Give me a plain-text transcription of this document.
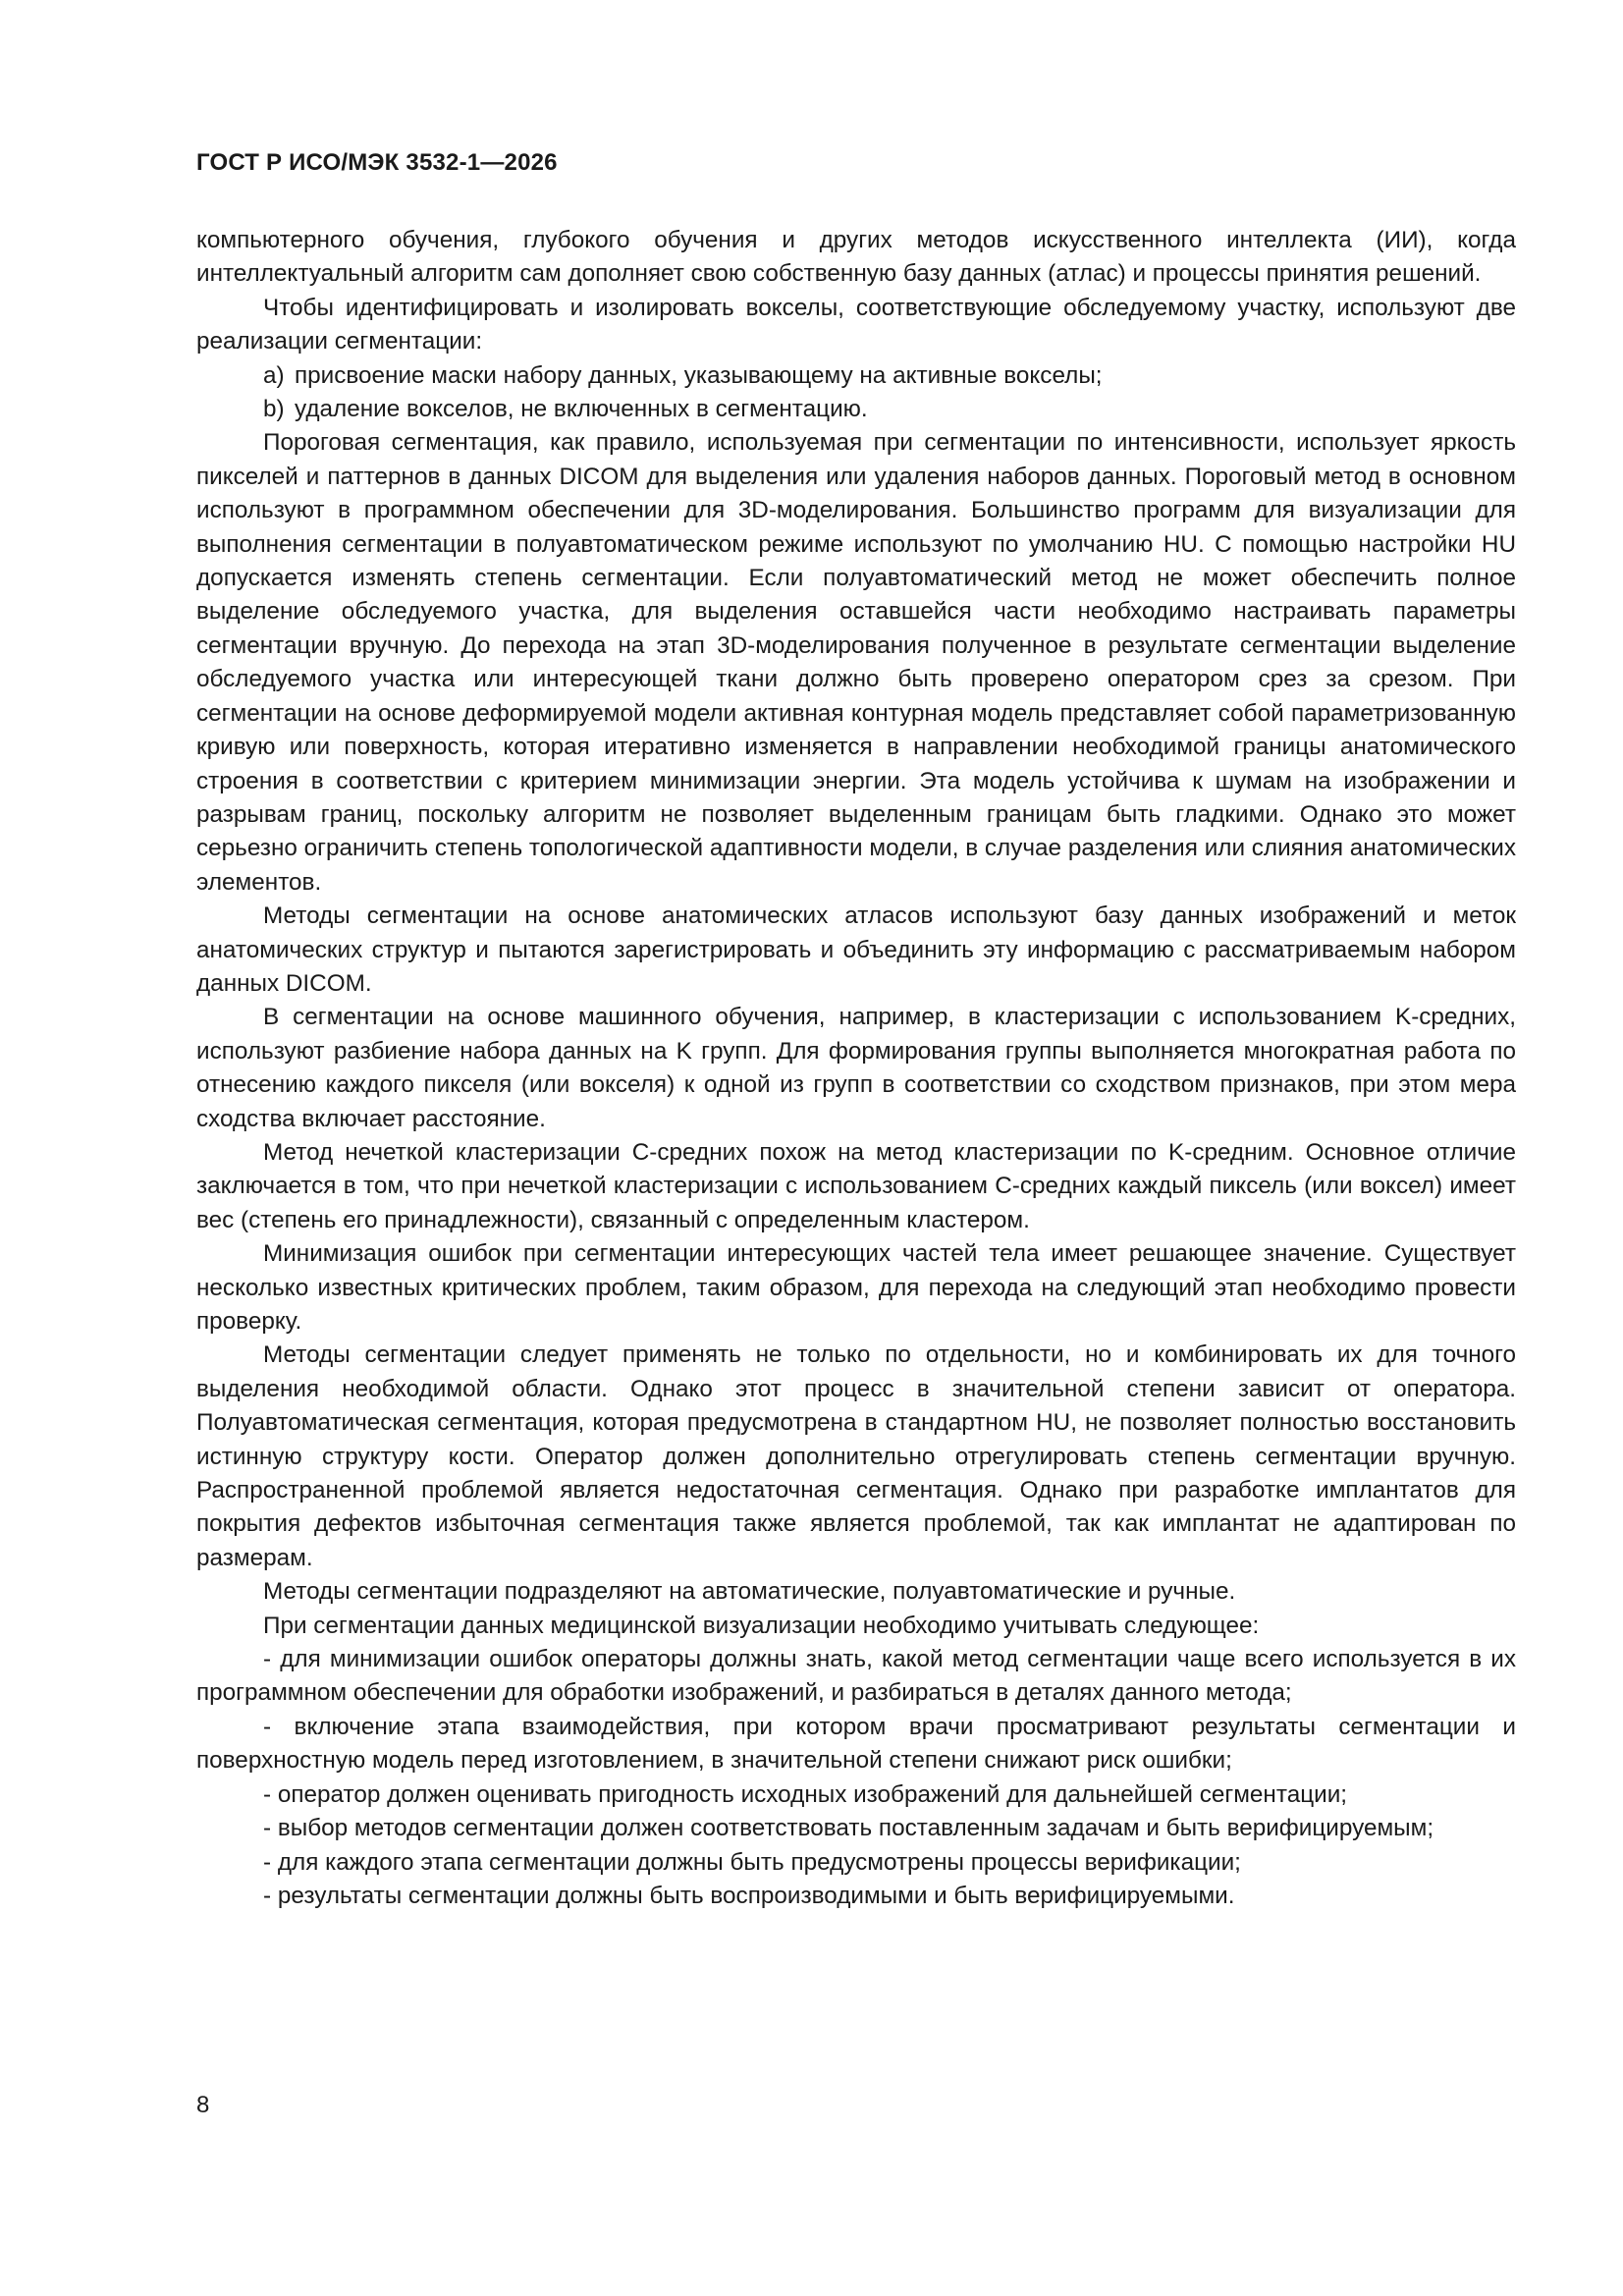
ГОСТ Р ИСО/МЭК 3532-1—2026

компьютерного обучения, глубокого обучения и других методов искусственного интеллекта (ИИ), когда интеллектуальный алгоритм сам дополняет свою собственную базу данных (атлас) и процессы принятия решений.

Чтобы идентифицировать и изолировать вокселы, соответствующие обследуемому участку, используют две реализации сегментации:

a) присвоение маски набору данных, указывающему на активные вокселы;

b) удаление вокселов, не включенных в сегментацию.

Пороговая сегментация, как правило, используемая при сегментации по интенсивности, использует яркость пикселей и паттернов в данных DICOM для выделения или удаления наборов данных. Пороговый метод в основном используют в программном обеспечении для 3D-моделирования. Большинство программ для визуализации для выполнения сегментации в полуавтоматическом режиме используют по умолчанию HU. С помощью настройки HU допускается изменять степень сегментации. Если полуавтоматический метод не может обеспечить полное выделение обследуемого участка, для выделения оставшейся части необходимо настраивать параметры сегментации вручную. До перехода на этап 3D-моделирования полученное в результате сегментации выделение обследуемого участка или интересующей ткани должно быть проверено оператором срез за срезом. При сегментации на основе деформируемой модели активная контурная модель представляет собой параметризованную кривую или поверхность, которая итеративно изменяется в направлении необходимой границы анатомического строения в соответствии с критерием минимизации энергии. Эта модель устойчива к шумам на изображении и разрывам границ, поскольку алгоритм не позволяет выделенным границам быть гладкими. Однако это может серьезно ограничить степень топологической адаптивности модели, в случае разделения или слияния анатомических элементов.

Методы сегментации на основе анатомических атласов используют базу данных изображений и меток анатомических структур и пытаются зарегистрировать и объединить эту информацию с рассматриваемым набором данных DICOM.

В сегментации на основе машинного обучения, например, в кластеризации с использованием K-средних, используют разбиение набора данных на K групп. Для формирования группы выполняется многократная работа по отнесению каждого пикселя (или вокселя) к одной из групп в соответствии со сходством признаков, при этом мера сходства включает расстояние.

Метод нечеткой кластеризации C-средних похож на метод кластеризации по K-средним. Основное отличие заключается в том, что при нечеткой кластеризации с использованием C-средних каждый пиксель (или воксел) имеет вес (степень его принадлежности), связанный с определенным кластером.

Минимизация ошибок при сегментации интересующих частей тела имеет решающее значение. Существует несколько известных критических проблем, таким образом, для перехода на следующий этап необходимо провести проверку.

Методы сегментации следует применять не только по отдельности, но и комбинировать их для точного выделения необходимой области. Однако этот процесс в значительной степени зависит от оператора. Полуавтоматическая сегментация, которая предусмотрена в стандартном HU, не позволяет полностью восстановить истинную структуру кости. Оператор должен дополнительно отрегулировать степень сегментации вручную. Распространенной проблемой является недостаточная сегментация. Однако при разработке имплантатов для покрытия дефектов избыточная сегментация также является проблемой, так как имплантат не адаптирован по размерам.

Методы сегментации подразделяют на автоматические, полуавтоматические и ручные.

При сегментации данных медицинской визуализации необходимо учитывать следующее:

- для минимизации ошибок операторы должны знать, какой метод сегментации чаще всего используется в их программном обеспечении для обработки изображений, и разбираться в деталях данного метода;

- включение этапа взаимодействия, при котором врачи просматривают результаты сегментации и поверхностную модель перед изготовлением, в значительной степени снижают риск ошибки;

- оператор должен оценивать пригодность исходных изображений для дальнейшей сегментации;

- выбор методов сегментации должен соответствовать поставленным задачам и быть верифицируемым;

- для каждого этапа сегментации должны быть предусмотрены процессы верификации;

- результаты сегментации должны быть воспроизводимыми и быть верифицируемыми.

8
